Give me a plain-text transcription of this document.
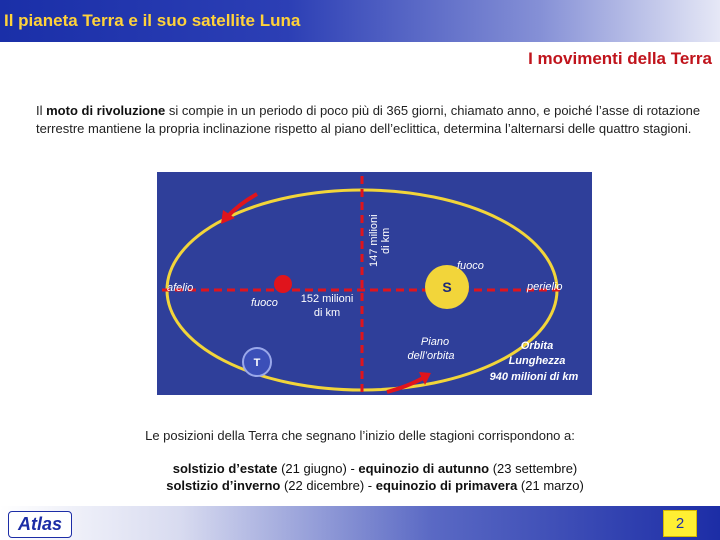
Il pianeta Terra e il suo satellite Luna
I movimenti della Terra
Il moto di rivoluzione si compie in un periodo di poco più di 365 giorni, chiamato anno, e poiché l’asse di rotazione terrestre mantiene la propria inclinazione rispetto al piano dell’eclittica, determina l’alternarsi delle quattro stagioni.
S
T
147 milioni di km
fuoco
afelio
fuoco 152 milioni
di km
perielio
Piano
dell’orbita
Orbita
Lunghezza
940 milioni di km
Le posizioni della Terra che segnano l’inizio delle stagioni corrispondono a:
solstizio d’estate (21 giugno) - equinozio di autunno (23 settembre)
solstizio d’inverno (22 dicembre) - equinozio di primavera (21 marzo)
Atlas	2
